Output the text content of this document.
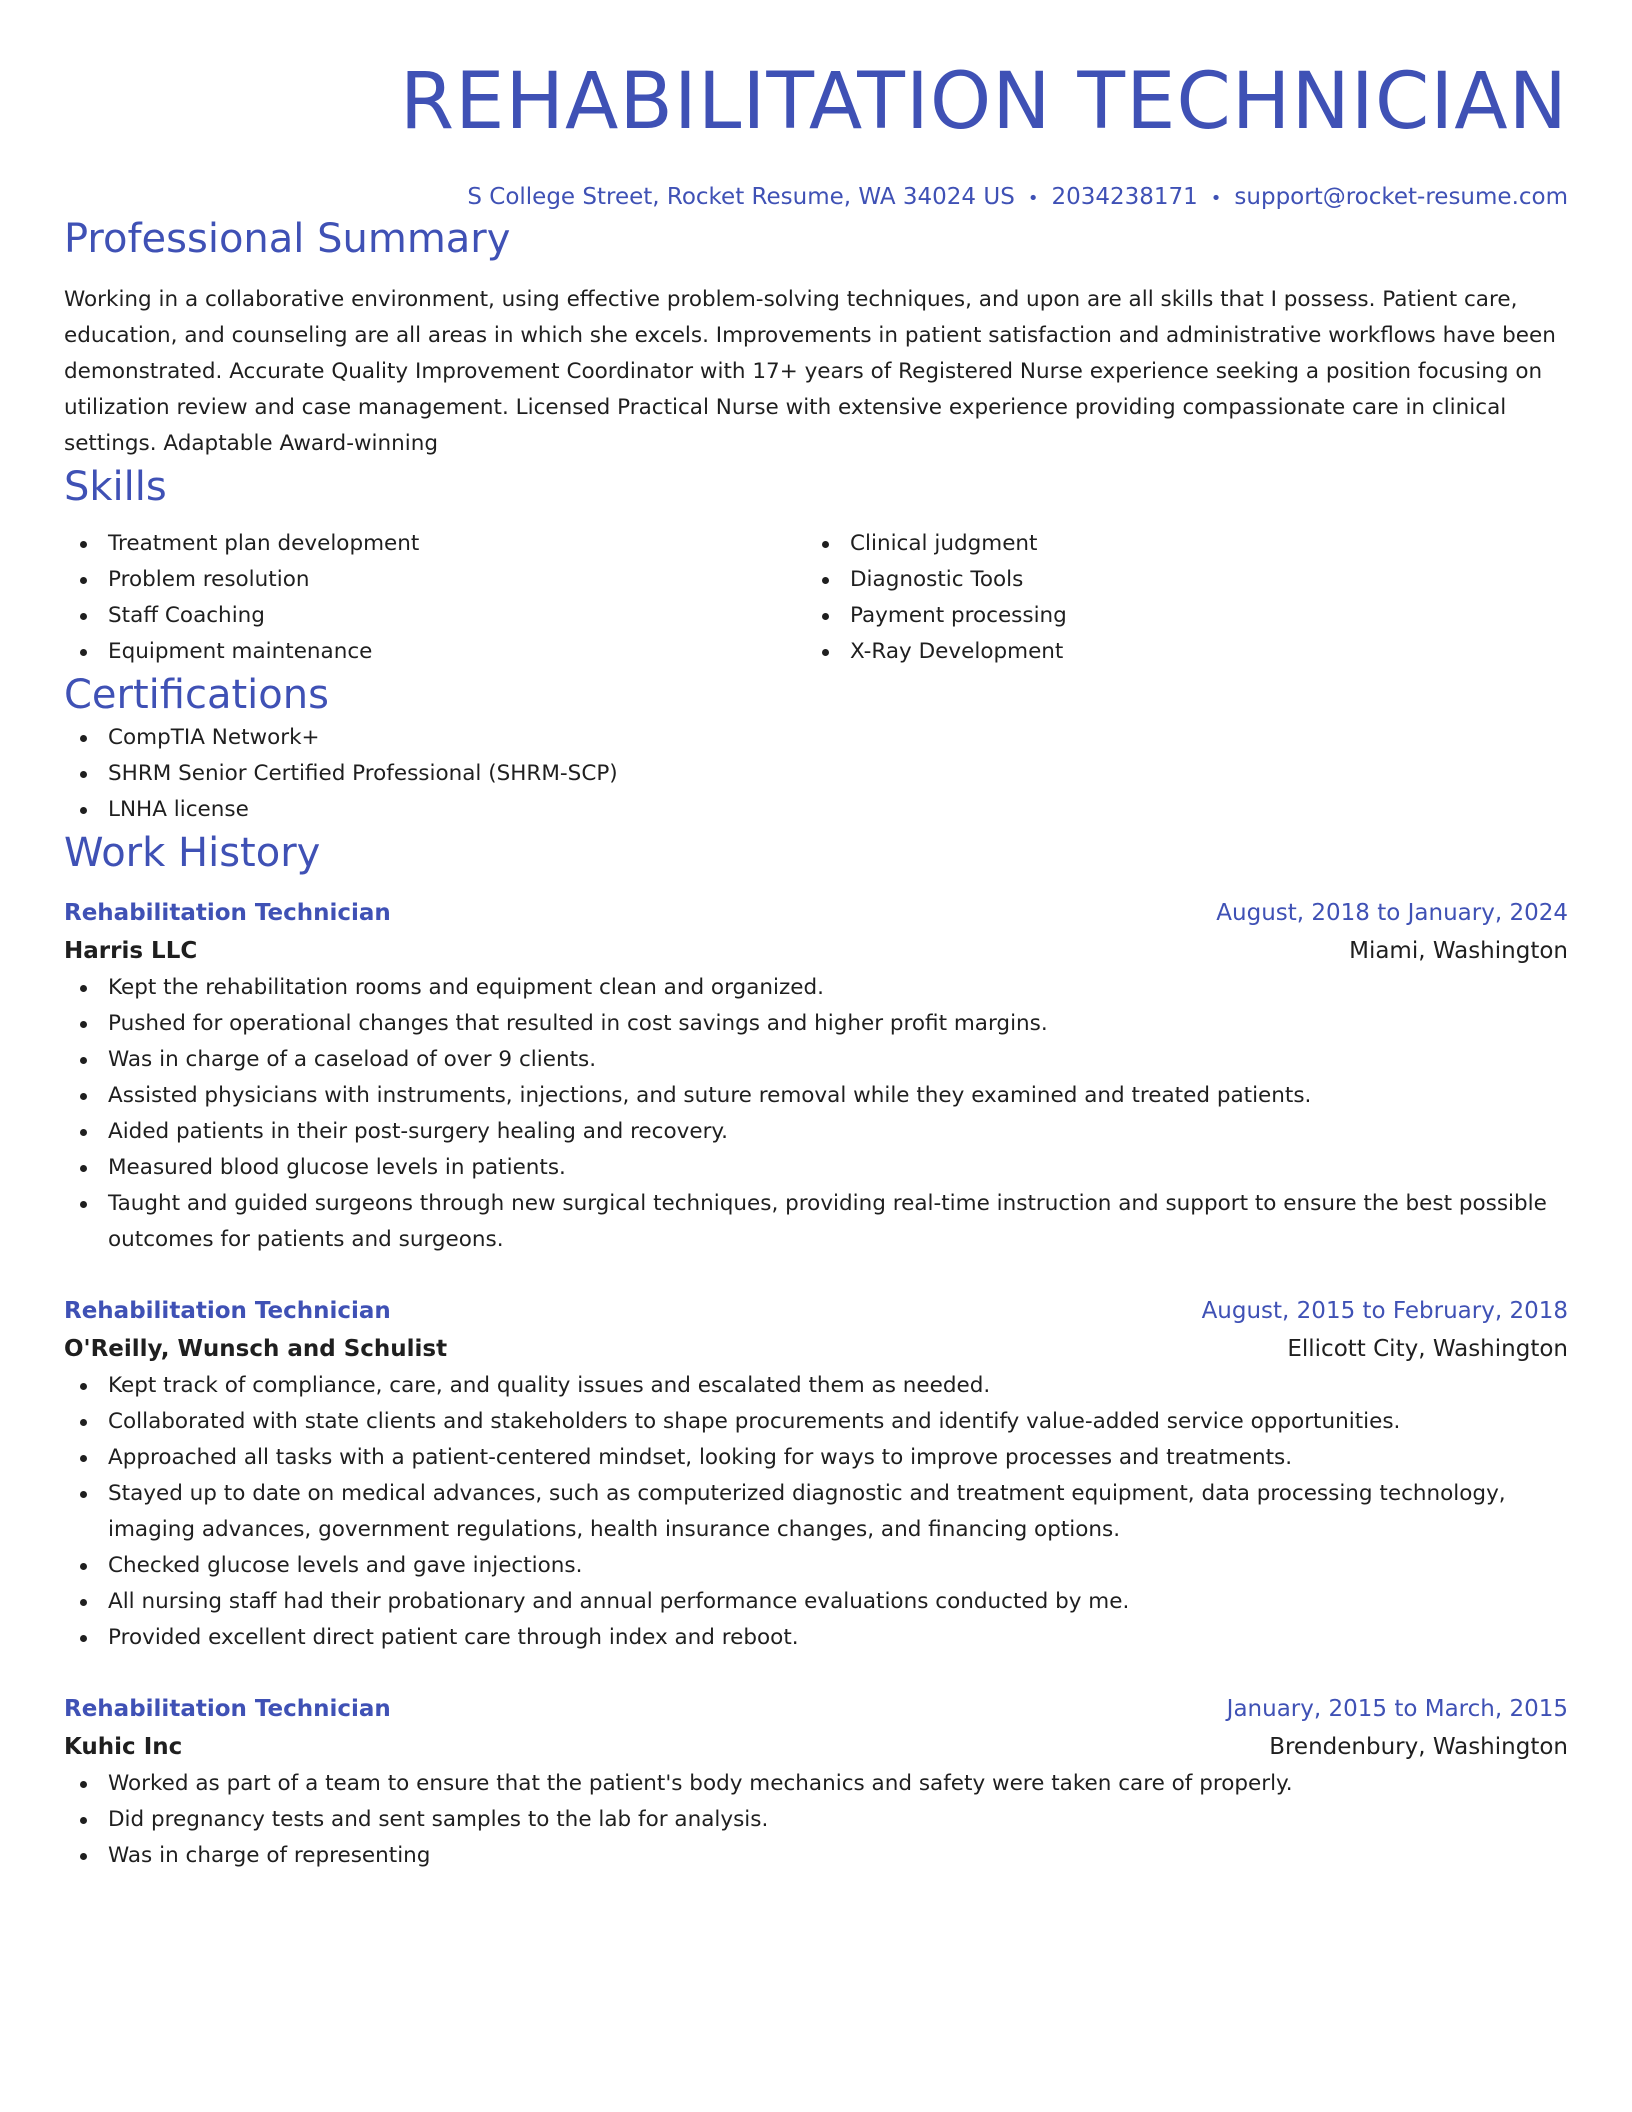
REHABILITATION TECHNICIAN
S College Street, Rocket Resume, WA 34024 US • 2034238171 • support@rocket-resume.com
Professional Summary
Working in a collaborative environment, using effective problem-solving techniques, and upon are all skills that I possess. Patient care, education, and counseling are all areas in which she excels. Improvements in patient satisfaction and administrative workflows have been demonstrated. Accurate Quality Improvement Coordinator with 17+ years of Registered Nurse experience seeking a position focusing on utilization review and case management. Licensed Practical Nurse with extensive experience providing compassionate care in clinical settings. Adaptable Award-winning
Skills
Treatment plan development
Problem resolution
Staff Coaching
Equipment maintenance
Clinical judgment
Diagnostic Tools
Payment processing
X-Ray Development
Certifications
CompTIA Network+
SHRM Senior Certified Professional (SHRM-SCP)
LNHA license
Work History
Rehabilitation Technician	August, 2018 to January, 2024
Harris LLC	Miami, Washington
Kept the rehabilitation rooms and equipment clean and organized.
Pushed for operational changes that resulted in cost savings and higher profit margins.
Was in charge of a caseload of over 9 clients.
Assisted physicians with instruments, injections, and suture removal while they examined and treated patients.
Aided patients in their post-surgery healing and recovery.
Measured blood glucose levels in patients.
Taught and guided surgeons through new surgical techniques, providing real-time instruction and support to ensure the best possible outcomes for patients and surgeons.
Rehabilitation Technician	August, 2015 to February, 2018
O'Reilly, Wunsch and Schulist	Ellicott City, Washington
Kept track of compliance, care, and quality issues and escalated them as needed.
Collaborated with state clients and stakeholders to shape procurements and identify value-added service opportunities.
Approached all tasks with a patient-centered mindset, looking for ways to improve processes and treatments.
Stayed up to date on medical advances, such as computerized diagnostic and treatment equipment, data processing technology, imaging advances, government regulations, health insurance changes, and financing options.
Checked glucose levels and gave injections.
All nursing staff had their probationary and annual performance evaluations conducted by me.
Provided excellent direct patient care through index and reboot.
Rehabilitation Technician	January, 2015 to March, 2015
Kuhic Inc	Brendenbury, Washington
Worked as part of a team to ensure that the patient's body mechanics and safety were taken care of properly.
Did pregnancy tests and sent samples to the lab for analysis.
Was in charge of representing
